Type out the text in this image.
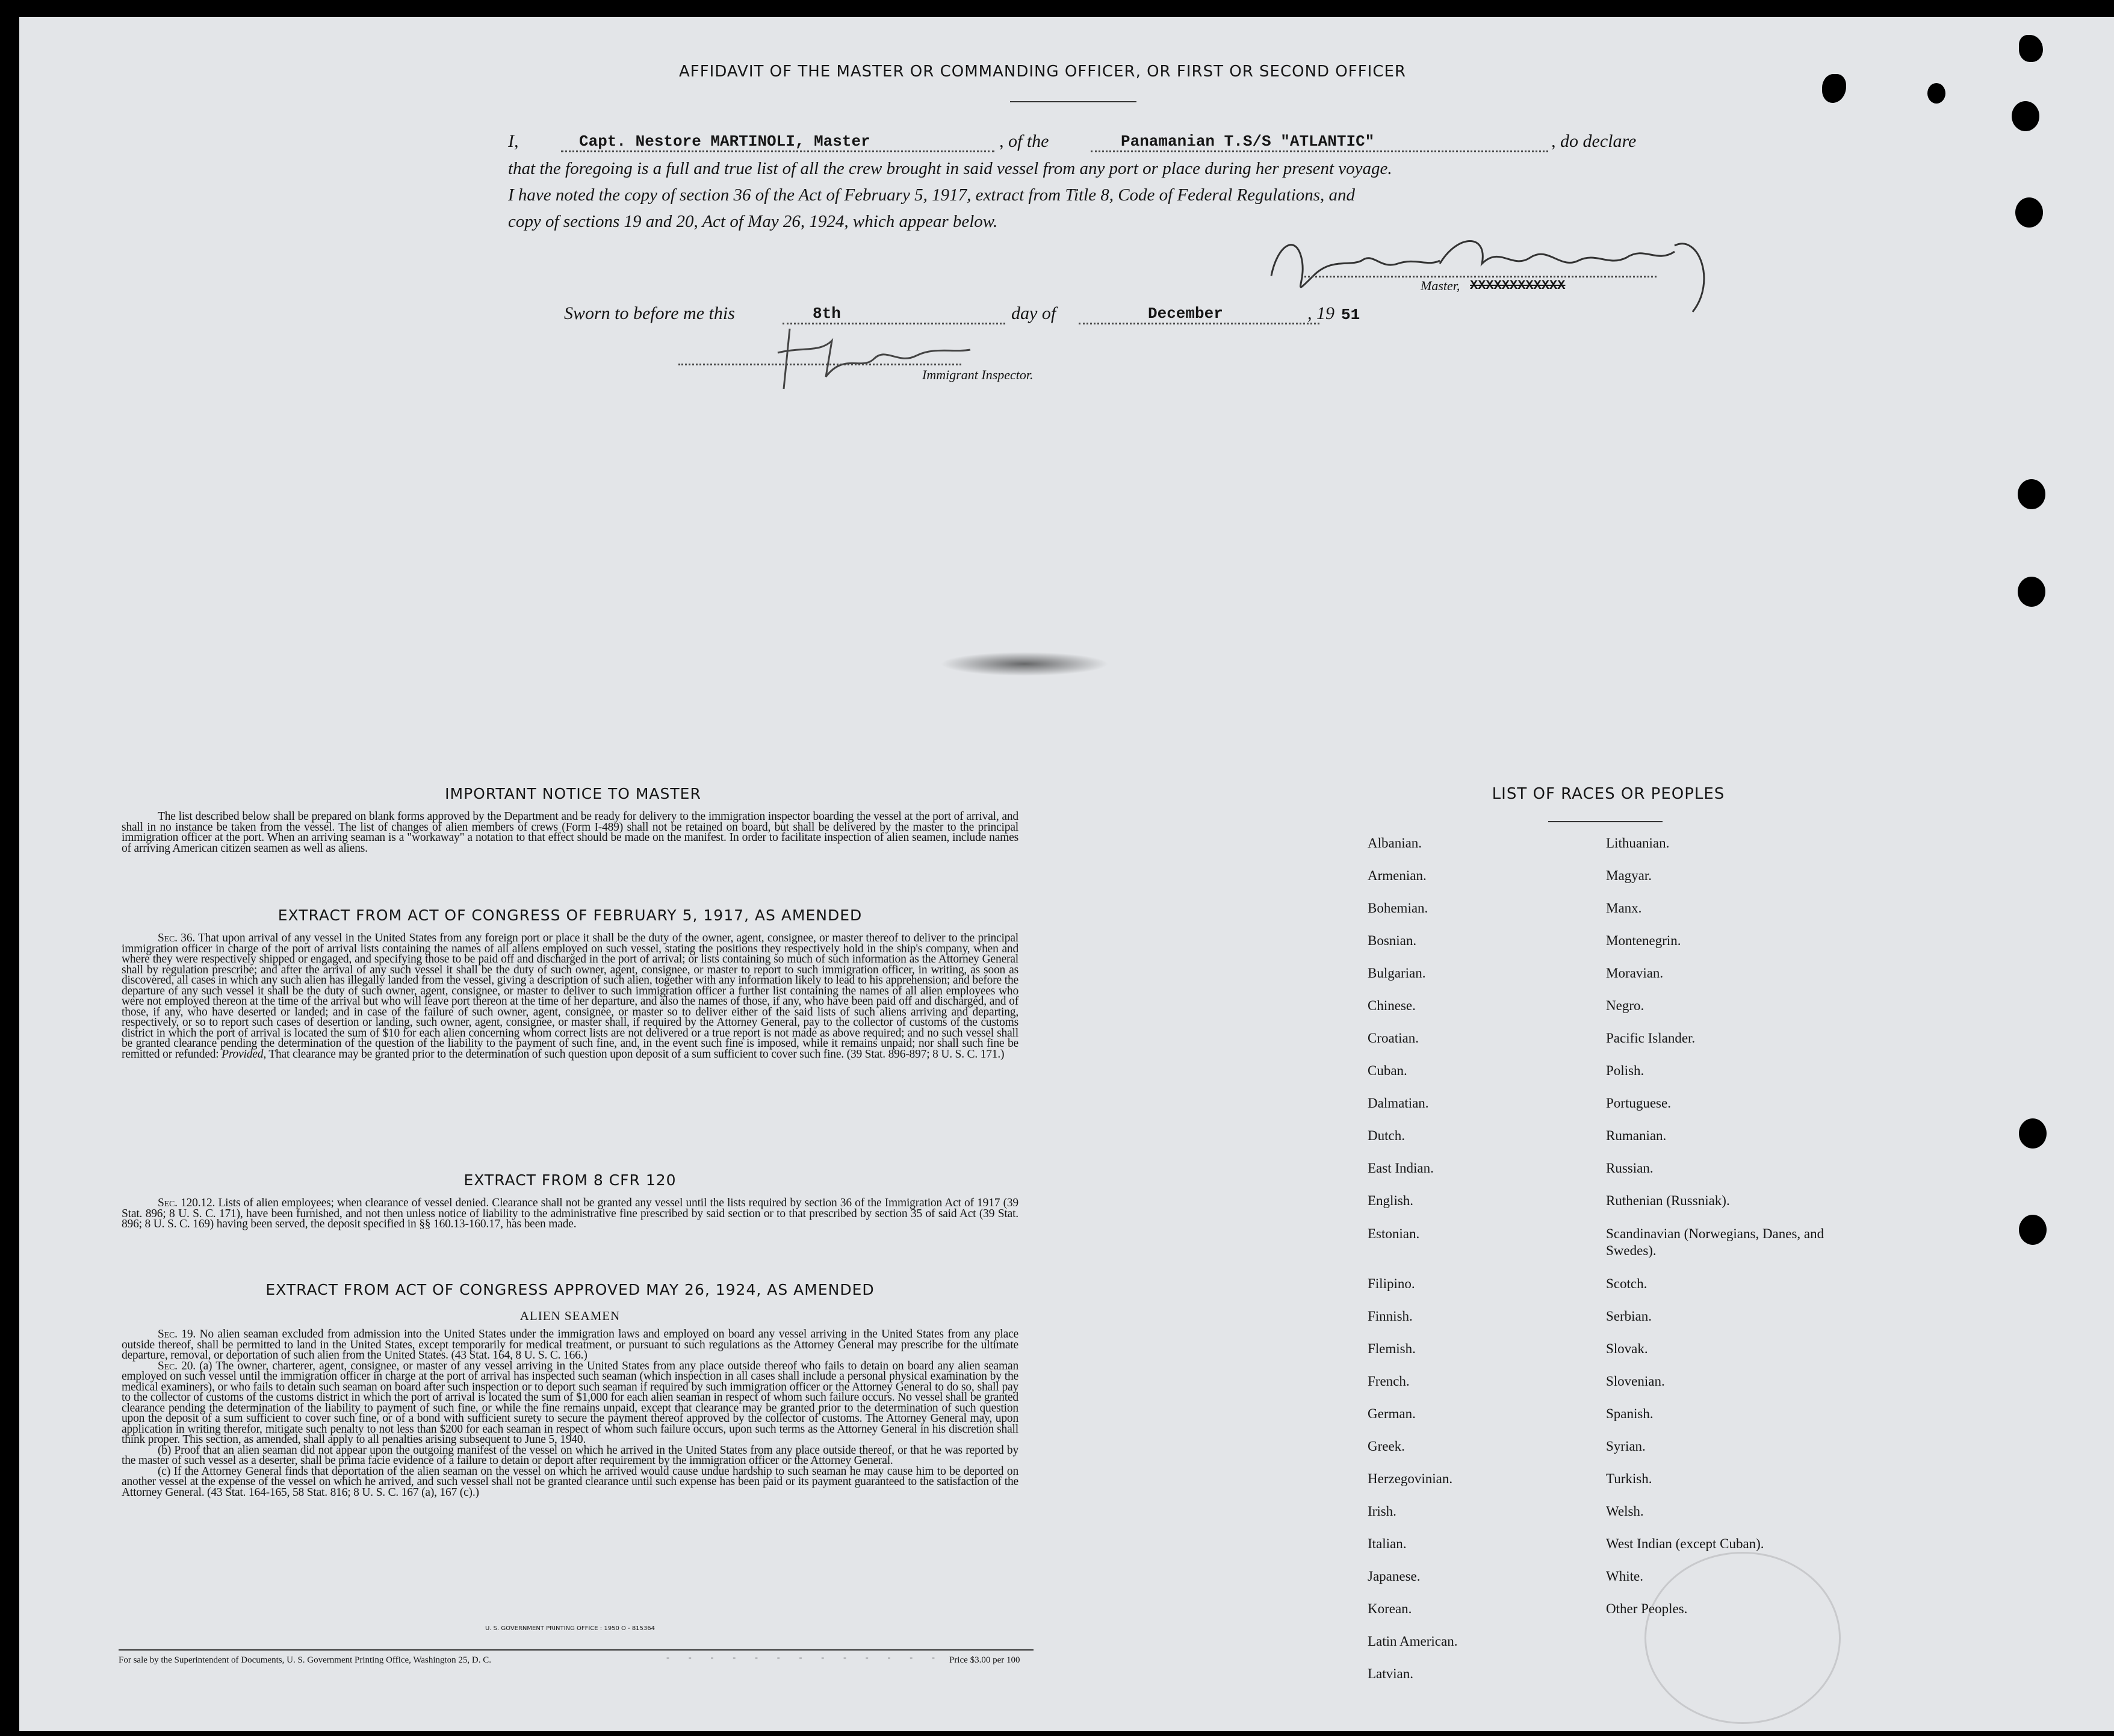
AFFIDAVIT OF THE MASTER OR COMMANDING OFFICER, OR FIRST OR SECOND OFFICER
I,	Capt. Nestore MARTINOLI, Master	, of the	Panamanian T.S/S "ATLANTIC"	, do declare
that the foregoing is a full and true list of all the crew brought in said vessel from any port or place during her present voyage.
I have noted the copy of section 36 of the Act of February 5, 1917, extract from Title 8, Code of Federal Regulations, and
copy of sections 19 and 20, Act of May 26, 1924, which appear below.
Master, XXXXXXXXXXXX
Sworn to before me this	8th	day of	December	, 19 51
Immigrant Inspector.
IMPORTANT NOTICE TO MASTER
The list described below shall be prepared on blank forms approved by the Department and be ready for delivery to the immigration inspector boarding the vessel at the port of arrival, and shall in no instance be taken from the vessel. The list of changes of alien members of crews (Form I-489) shall not be retained on board, but shall be delivered by the master to the principal immigration officer at the port. When an arriving seaman is a "workaway" a notation to that effect should be made on the manifest. In order to facilitate inspection of alien seamen, include names of arriving American citizen seamen as well as aliens.
EXTRACT FROM ACT OF CONGRESS OF FEBRUARY 5, 1917, AS AMENDED
Sec. 36. That upon arrival of any vessel in the United States from any foreign port or place it shall be the duty of the owner, agent, consignee, or master thereof to deliver to the principal immigration officer in charge of the port of arrival lists containing the names of all aliens employed on such vessel, stating the positions they respectively hold in the ship's company, when and where they were respectively shipped or engaged, and specifying those to be paid off and discharged in the port of arrival; or lists containing so much of such information as the Attorney General shall by regulation prescribe; and after the arrival of any such vessel it shall be the duty of such owner, agent, consignee, or master to report to such immigration officer, in writing, as soon as discovered, all cases in which any such alien has illegally landed from the vessel, giving a description of such alien, together with any information likely to lead to his apprehension; and before the departure of any such vessel it shall be the duty of such owner, agent, consignee, or master to deliver to such immigration officer a further list containing the names of all alien employees who were not employed thereon at the time of the arrival but who will leave port thereon at the time of her departure, and also the names of those, if any, who have been paid off and discharged, and of those, if any, who have deserted or landed; and in case of the failure of such owner, agent, consignee, or master so to deliver either of the said lists of such aliens arriving and departing, respectively, or so to report such cases of desertion or landing, such owner, agent, consignee, or master shall, if required by the Attorney General, pay to the collector of customs of the customs district in which the port of arrival is located the sum of $10 for each alien concerning whom correct lists are not delivered or a true report is not made as above required; and no such vessel shall be granted clearance pending the determination of the question of the liability to the payment of such fine, and, in the event such fine is imposed, while it remains unpaid; nor shall such fine be remitted or refunded: Provided, That clearance may be granted prior to the determination of such question upon deposit of a sum sufficient to cover such fine. (39 Stat. 896-897; 8 U. S. C. 171.)
EXTRACT FROM 8 CFR 120
Sec. 120.12. Lists of alien employees; when clearance of vessel denied. Clearance shall not be granted any vessel until the lists required by section 36 of the Immigration Act of 1917 (39 Stat. 896; 8 U. S. C. 171), have been furnished, and not then unless notice of liability to the administrative fine prescribed by said section or to that prescribed by section 35 of said Act (39 Stat. 896; 8 U. S. C. 169) having been served, the deposit specified in §§ 160.13-160.17, has been made.
EXTRACT FROM ACT OF CONGRESS APPROVED MAY 26, 1924, AS AMENDED
ALIEN SEAMEN
Sec. 19. No alien seaman excluded from admission into the United States under the immigration laws and employed on board any vessel arriving in the United States from any place outside thereof, shall be permitted to land in the United States, except temporarily for medical treatment, or pursuant to such regulations as the Attorney General may prescribe for the ultimate departure, removal, or deportation of such alien from the United States. (43 Stat. 164, 8 U. S. C. 166.)
Sec. 20. (a) The owner, charterer, agent, consignee, or master of any vessel arriving in the United States from any place outside thereof who fails to detain on board any alien seaman employed on such vessel until the immigration officer in charge at the port of arrival has inspected such seaman (which inspection in all cases shall include a personal physical examination by the medical examiners), or who fails to detain such seaman on board after such inspection or to deport such seaman if required by such immigration officer or the Attorney General to do so, shall pay to the collector of customs of the customs district in which the port of arrival is located the sum of $1,000 for each alien seaman in respect of whom such failure occurs. No vessel shall be granted clearance pending the determination of the liability to payment of such fine, or while the fine remains unpaid, except that clearance may be granted prior to the determination of such question upon the deposit of a sum sufficient to cover such fine, or of a bond with sufficient surety to secure the payment thereof approved by the collector of customs. The Attorney General may, upon application in writing therefor, mitigate such penalty to not less than $200 for each seaman in respect of whom such failure occurs, upon such terms as the Attorney General in his discretion shall think proper. This section, as amended, shall apply to all penalties arising subsequent to June 5, 1940.
(b) Proof that an alien seaman did not appear upon the outgoing manifest of the vessel on which he arrived in the United States from any place outside thereof, or that he was reported by the master of such vessel as a deserter, shall be prima facie evidence of a failure to detain or deport after requirement by the immigration officer or the Attorney General.
(c) If the Attorney General finds that deportation of the alien seaman on the vessel on which he arrived would cause undue hardship to such seaman he may cause him to be deported on another vessel at the expense of the vessel on which he arrived, and such vessel shall not be granted clearance until such expense has been paid or its payment guaranteed to the satisfaction of the Attorney General. (43 Stat. 164-165, 58 Stat. 816; 8 U. S. C. 167 (a), 167 (c).)
U. S. GOVERNMENT PRINTING OFFICE : 1950 O - 815364
For sale by the Superintendent of Documents, U. S. Government Printing Office, Washington 25, D. C.	- - - - - - - - - - - - - Price $3.00 per 100
LIST OF RACES OR PEOPLES
Albanian.
Armenian.
Bohemian.
Bosnian.
Bulgarian.
Chinese.
Croatian.
Cuban.
Dalmatian.
Dutch.
East Indian.
English.
Estonian.
Filipino.
Finnish.
Flemish.
French.
German.
Greek.
Herzegovinian.
Irish.
Italian.
Japanese.
Korean.
Latin American.
Latvian.
Lithuanian.
Magyar.
Manx.
Montenegrin.
Moravian.
Negro.
Pacific Islander.
Polish.
Portuguese.
Rumanian.
Russian.
Ruthenian (Russniak).
Scandinavian (Norwegians, Danes, and Swedes).
Scotch.
Serbian.
Slovak.
Slovenian.
Spanish.
Syrian.
Turkish.
Welsh.
West Indian (except Cuban).
White.
Other Peoples.
